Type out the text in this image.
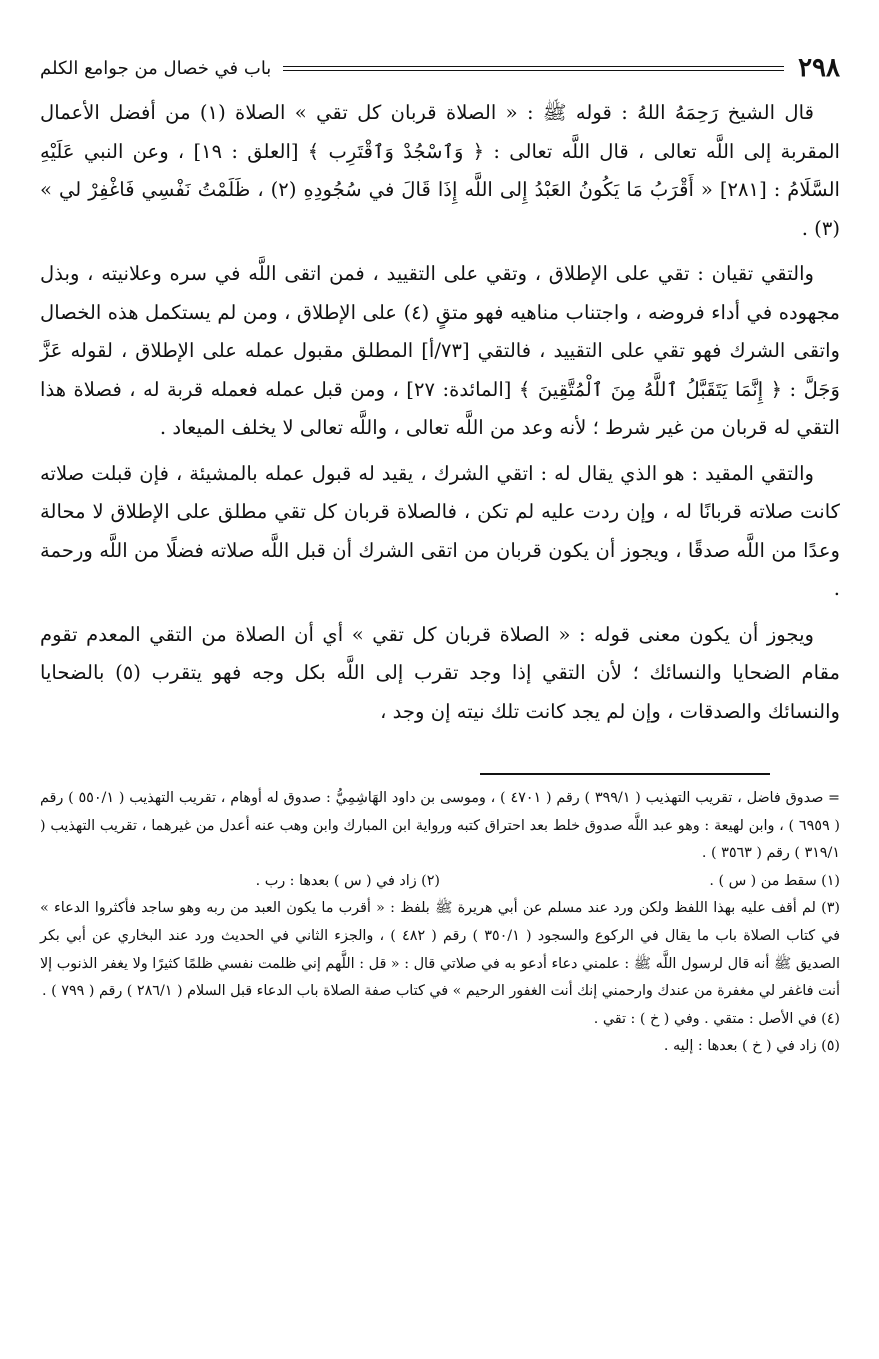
٢٩٨
باب في خصال من جوامع الكلم

قال الشيخ رَحِمَهُ اللهُ : قوله ﷺ : « الصلاة قربان كل تقي » الصلاة (١) من أفضل الأعمال المقربة إلى اللَّه تعالى ، قال اللَّه تعالى : ﴿ وَٱسْجُدْ وَٱقْتَرِب ﴾ [العلق : ١٩] ، وعن النبي عَلَيْهِ السَّلَامُ : [٢٨١] « أَقْرَبُ مَا يَكُونُ العَبْدُ إِلى اللَّه إِذَا قَالَ في سُجُودِهِ (٢) ، ظَلَمْتُ نَفْسِي فَاغْفِرْ لي » (٣) .

والتقي تقيان : تقي على الإطلاق ، وتقي على التقييد ، فمن اتقى اللَّه في سره وعلانيته ، وبذل مجهوده في أداء فروضه ، واجتناب مناهيه فهو متقٍ (٤) على الإطلاق ، ومن لم يستكمل هذه الخصال واتقى الشرك فهو تقي على التقييد ، فالتقي [٧٣/أ] المطلق مقبول عمله على الإطلاق ، لقوله عَزَّ وَجَلَّ : ﴿ إِنَّمَا يَتَقَبَّلُ ٱللَّهُ مِنَ ٱلْمُتَّقِينَ ﴾ [المائدة: ٢٧] ، ومن قبل عمله فعمله قربة له ، فصلاة هذا التقي له قربان من غير شرط ؛ لأنه وعد من اللَّه تعالى ، واللَّه تعالى لا يخلف الميعاد .

والتقي المقيد : هو الذي يقال له : اتقي الشرك ، يقيد له قبول عمله بالمشيئة ، فإن قبلت صلاته كانت صلاته قربانًا له ، وإن ردت عليه لم تكن ، فالصلاة قربان كل تقي مطلق على الإطلاق لا محالة وعدًا من اللَّه صدقًا ، ويجوز أن يكون قربان من اتقى الشرك أن قبل اللَّه صلاته فضلًا من اللَّه ورحمة .

ويجوز أن يكون معنى قوله : « الصلاة قربان كل تقي » أي أن الصلاة من التقي المعدم تقوم مقام الضحايا والنسائك ؛ لأن التقي إذا وجد تقرب إلى اللَّه بكل وجه فهو يتقرب (٥) بالضحايا والنسائك والصدقات ، وإن لم يجد كانت تلك نيته إن وجد ،

= صدوق فاضل ، تقريب التهذيب ( ٣٩٩/١ ) رقم ( ٤٧٠١ ) ، وموسى بن داود الهَاشِمِيُّ : صدوق له أوهام ، تقريب التهذيب ( ٥٥٠/١ ) رقم ( ٦٩٥٩ ) ، وابن لهيعة : وهو عبد اللَّه صدوق خلط بعد احتراق كتبه ورواية ابن المبارك وابن وهب عنه أعدل من غيرهما ، تقريب التهذيب ( ٣١٩/١ ) رقم ( ٣٥٦٣ ) .

(١) سقط من ( س ) .
(٢) زاد في ( س ) بعدها : رب .

(٣) لم أقف عليه بهذا اللفظ ولكن ورد عند مسلم عن أبي هريرة ﷺ بلفظ : « أقرب ما يكون العبد من ربه وهو ساجد فأكثروا الدعاء » في كتاب الصلاة باب ما يقال في الركوع والسجود ( ٣٥٠/١ ) رقم ( ٤٨٢ ) ، والجزء الثاني في الحديث ورد عند البخاري عن أبي بكر الصديق ﷺ أنه قال لرسول اللَّه ﷺ : علمني دعاء أدعو به في صلاتي قال : « قل : اللَّهم إني ظلمت نفسي ظلمًا كثيرًا ولا يغفر الذنوب إلا أنت فاغفر لي مغفرة من عندك وارحمني إنك أنت الغفور الرحيم » في كتاب صفة الصلاة باب الدعاء قبل السلام ( ٢٨٦/١ ) رقم ( ٧٩٩ ) .

(٤) في الأصل : متقي . وفي ( خ ) : تقي .

(٥) زاد في ( خ ) بعدها : إليه .
